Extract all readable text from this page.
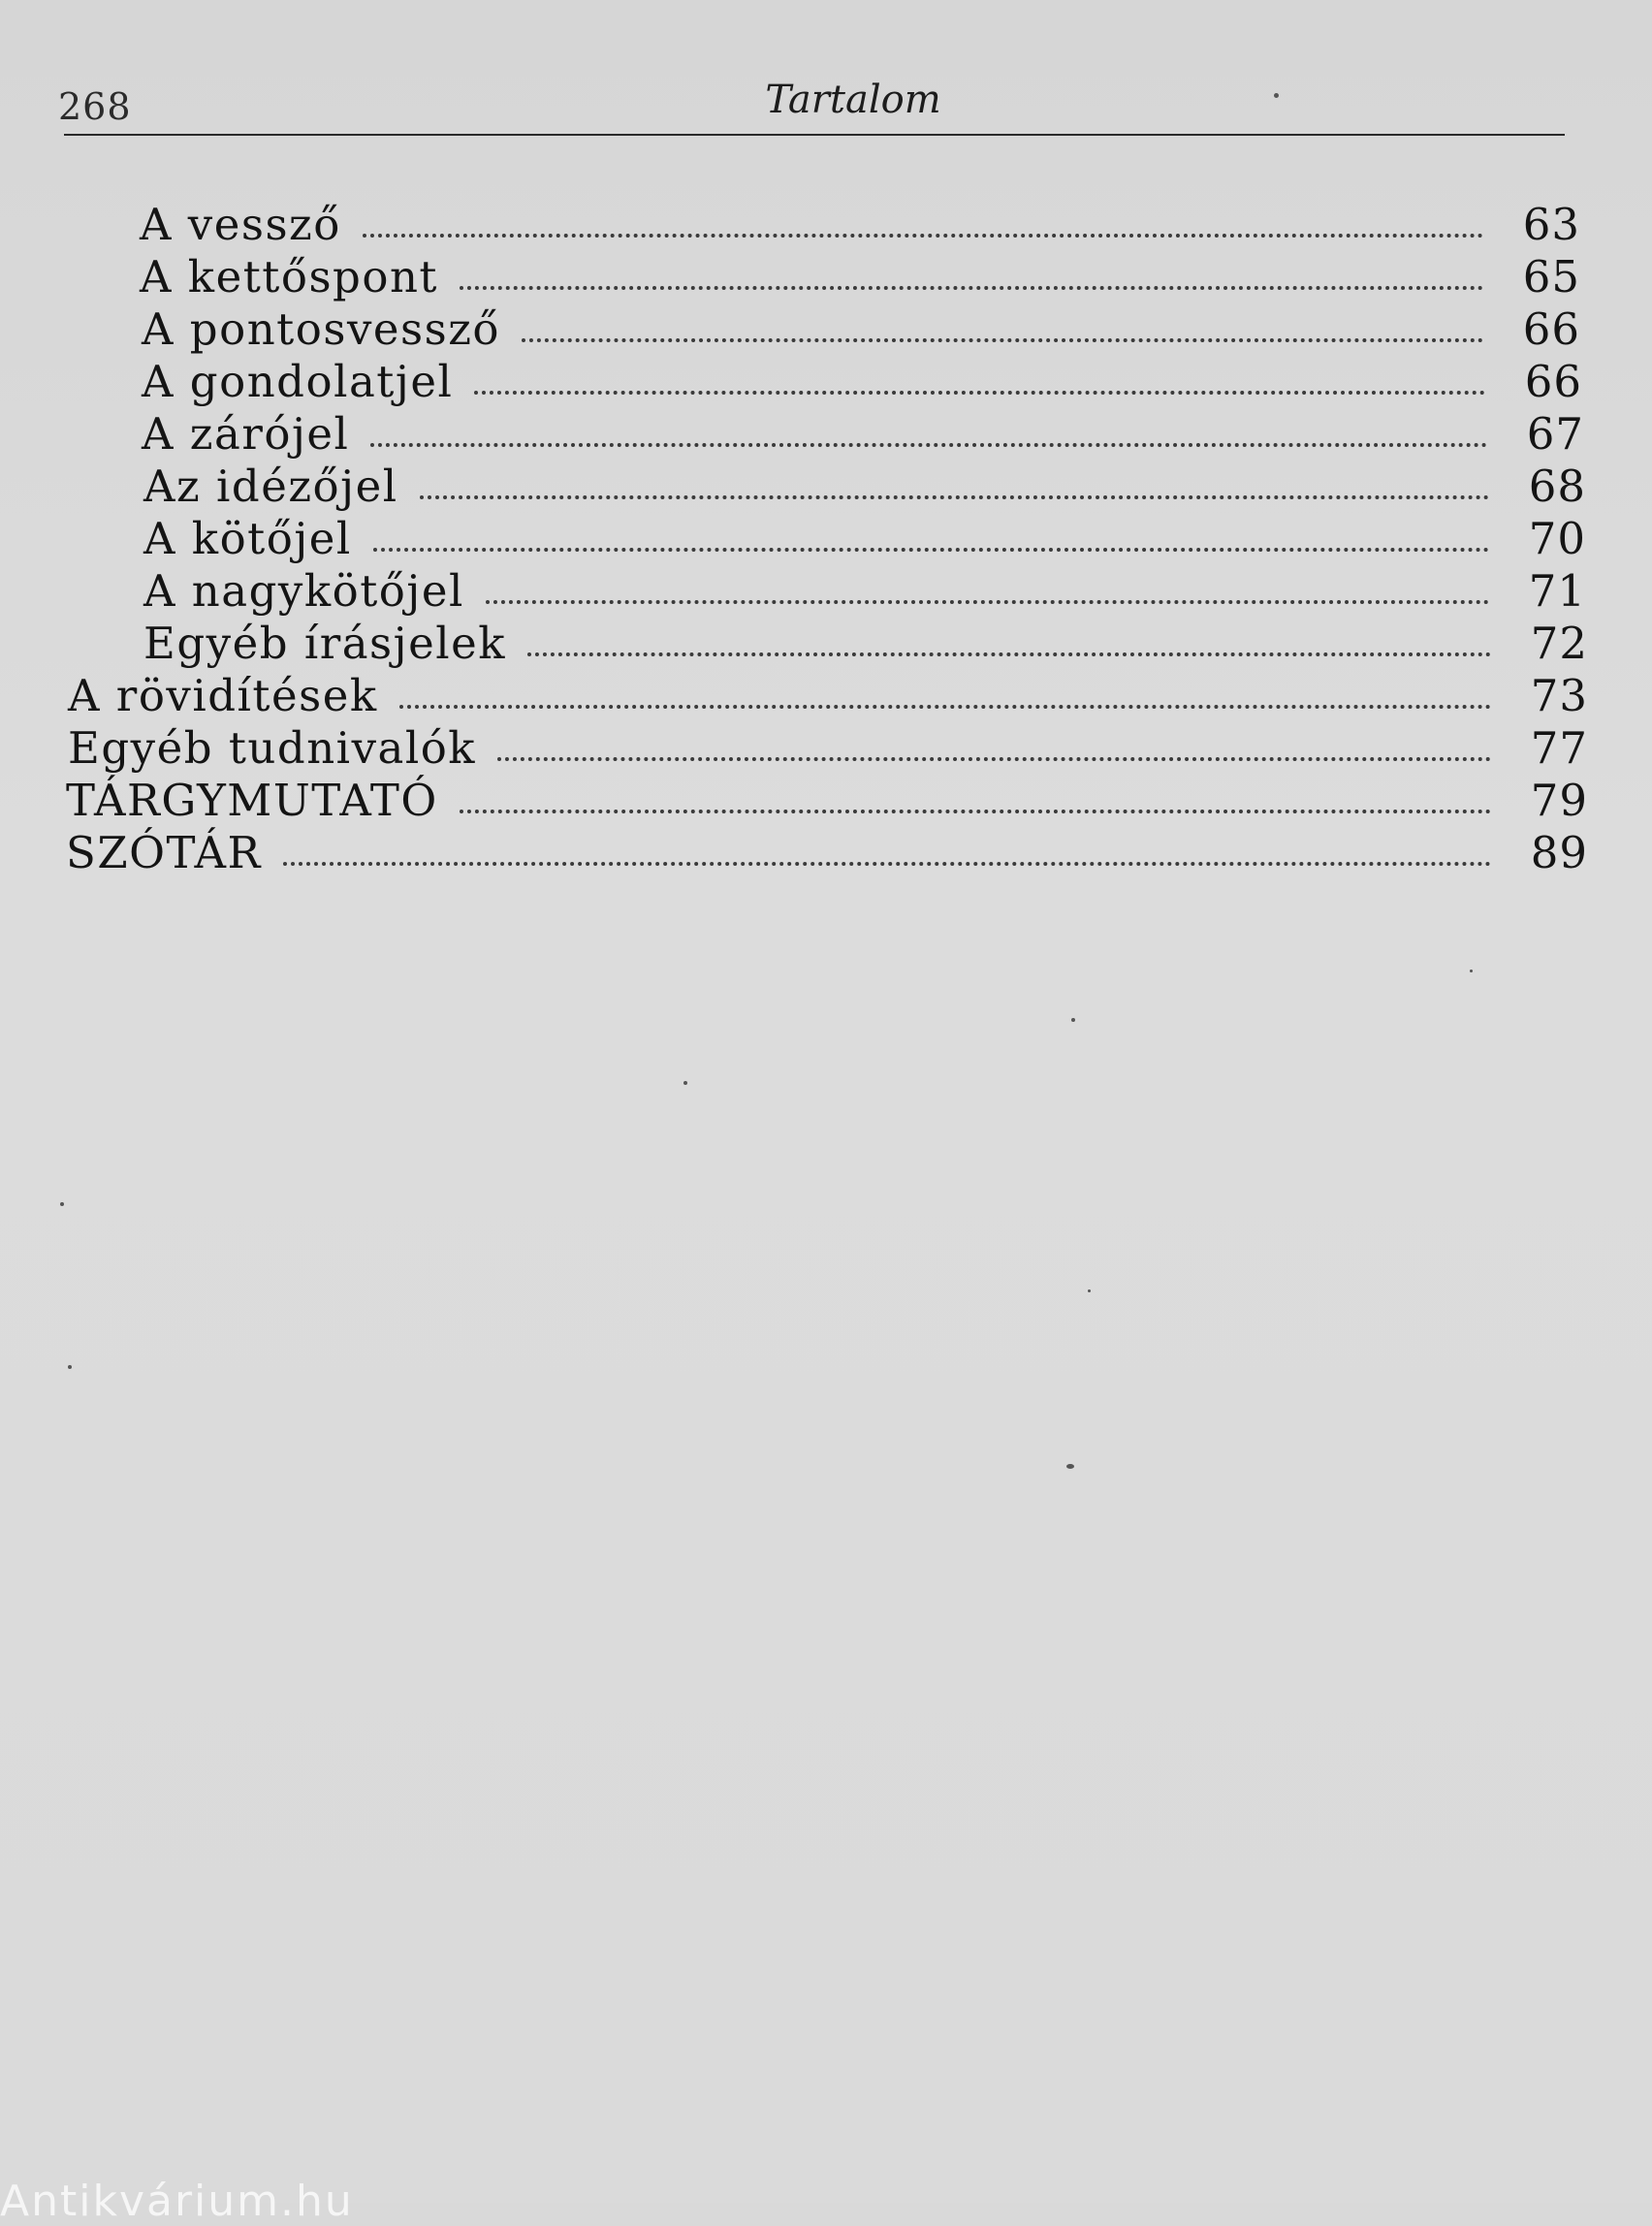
268	Tartalom
A vessző	63
A kettőspont	65
A pontosvessző	66
A gondolatjel	66
A zárójel	67
Az idézőjel	68
A kötőjel	70
A nagykötőjel	71
Egyéb írásjelek	72
A rövidítések	73
Egyéb tudnivalók	77
TÁRGYMUTATÓ	79
SZÓTÁR	89
Antikvárium.hu
